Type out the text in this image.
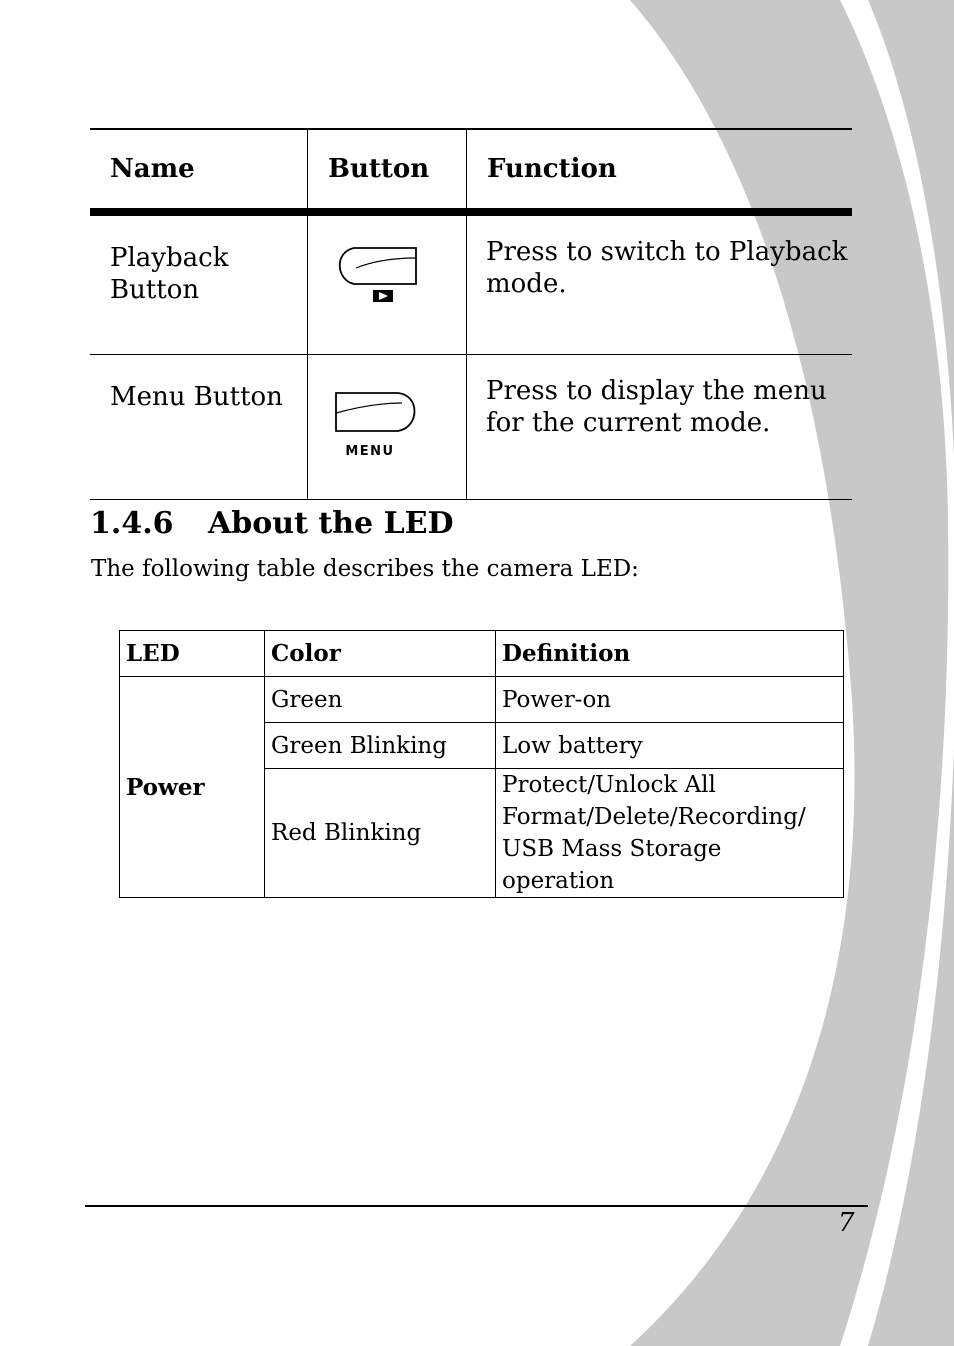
Name	Button	Function
Playback Button		Press to switch to Playback mode.
Menu Button	MENU	Press to display the menu for the current mode.
1.4.6 About the LED

The following table describes the camera LED:

LED	Color	Definition
Power	Green	Power-on
	Green Blinking	Low battery
	Red Blinking	Protect/Unlock All Format/Delete/Recording/ USB Mass Storage operation
7
